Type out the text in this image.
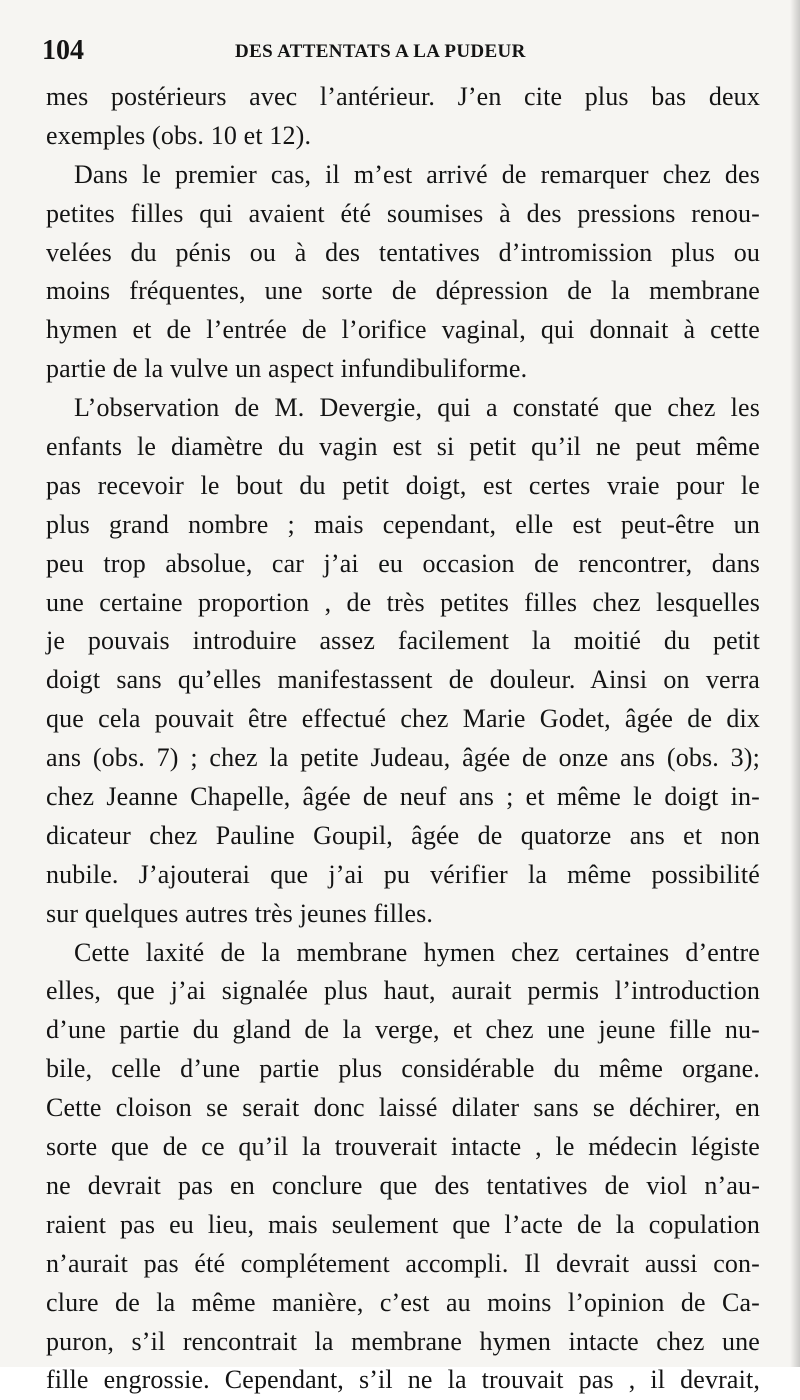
104	DES ATTENTATS A LA PUDEUR
mes postérieurs avec l’antérieur. J’en cite plus bas deux
exemples (obs. 10 et 12).
Dans le premier cas, il m’est arrivé de remarquer chez des
petites filles qui avaient été soumises à des pressions renou-
velées du pénis ou à des tentatives d’intromission plus ou
moins fréquentes, une sorte de dépression de la membrane
hymen et de l’entrée de l’orifice vaginal, qui donnait à cette
partie de la vulve un aspect infundibuliforme.
L’observation de M. Devergie, qui a constaté que chez les
enfants le diamètre du vagin est si petit qu’il ne peut même
pas recevoir le bout du petit doigt, est certes vraie pour le
plus grand nombre ; mais cependant, elle est peut-être un
peu trop absolue, car j’ai eu occasion de rencontrer, dans
une certaine proportion , de très petites filles chez lesquelles
je pouvais introduire assez facilement la moitié du petit
doigt sans qu’elles manifestassent de douleur. Ainsi on verra
que cela pouvait être effectué chez Marie Godet, âgée de dix
ans (obs. 7) ; chez la petite Judeau, âgée de onze ans (obs. 3);
chez Jeanne Chapelle, âgée de neuf ans ; et même le doigt in-
dicateur chez Pauline Goupil, âgée de quatorze ans et non
nubile. J’ajouterai que j’ai pu vérifier la même possibilité
sur quelques autres très jeunes filles.
Cette laxité de la membrane hymen chez certaines d’entre
elles, que j’ai signalée plus haut, aurait permis l’introduction
d’une partie du gland de la verge, et chez une jeune fille nu-
bile, celle d’une partie plus considérable du même organe.
Cette cloison se serait donc laissé dilater sans se déchirer, en
sorte que de ce qu’il la trouverait intacte , le médecin légiste
ne devrait pas en conclure que des tentatives de viol n’au-
raient pas eu lieu, mais seulement que l’acte de la copulation
n’aurait pas été complétement accompli. Il devrait aussi con-
clure de la même manière, c’est au moins l’opinion de Ca-
puron, s’il rencontrait la membrane hymen intacte chez une
fille engrossie. Cependant, s’il ne la trouvait pas , il devrait,
